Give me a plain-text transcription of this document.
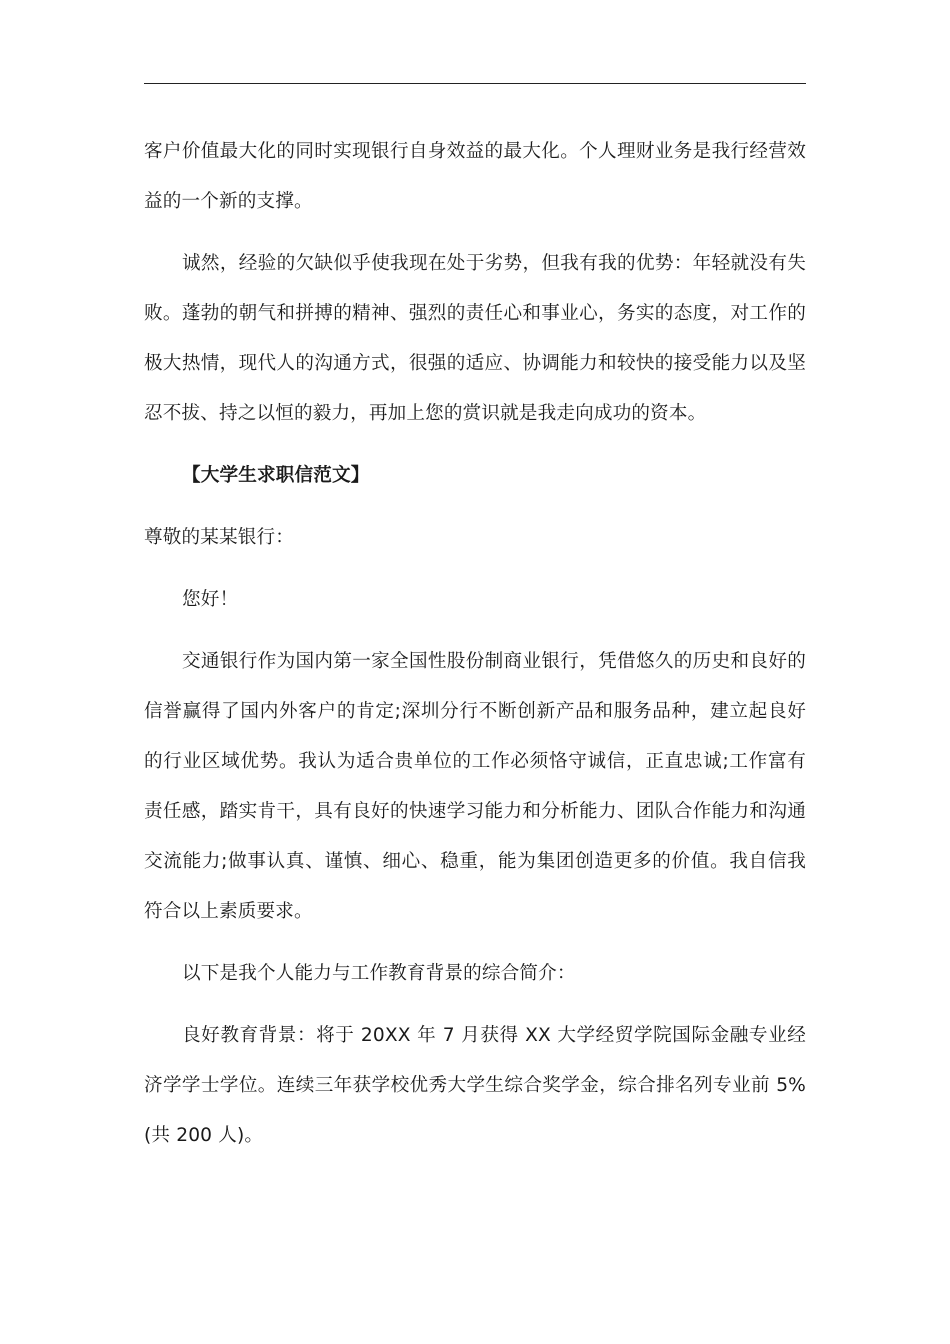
客户价值最大化的同时实现银行自身效益的最大化。个人理财业务是我行经营效益的一个新的支撑。

诚然，经验的欠缺似乎使我现在处于劣势，但我有我的优势：年轻就没有失败。蓬勃的朝气和拼搏的精神、强烈的责任心和事业心，务实的态度，对工作的极大热情，现代人的沟通方式，很强的适应、协调能力和较快的接受能力以及坚忍不拔、持之以恒的毅力，再加上您的赏识就是我走向成功的资本。

【大学生求职信范文】

尊敬的某某银行：

您好！

交通银行作为国内第一家全国性股份制商业银行，凭借悠久的历史和良好的信誉赢得了国内外客户的肯定;深圳分行不断创新产品和服务品种，建立起良好的行业区域优势。我认为适合贵单位的工作必须恪守诚信，正直忠诚;工作富有责任感，踏实肯干，具有良好的快速学习能力和分析能力、团队合作能力和沟通交流能力;做事认真、谨慎、细心、稳重，能为集团创造更多的价值。我自信我符合以上素质要求。

以下是我个人能力与工作教育背景的综合简介：

良好教育背景：将于 20XX 年 7 月获得 XX 大学经贸学院国际金融专业经济学学士学位。连续三年获学校优秀大学生综合奖学金，综合排名列专业前 5%(共 200 人)。
